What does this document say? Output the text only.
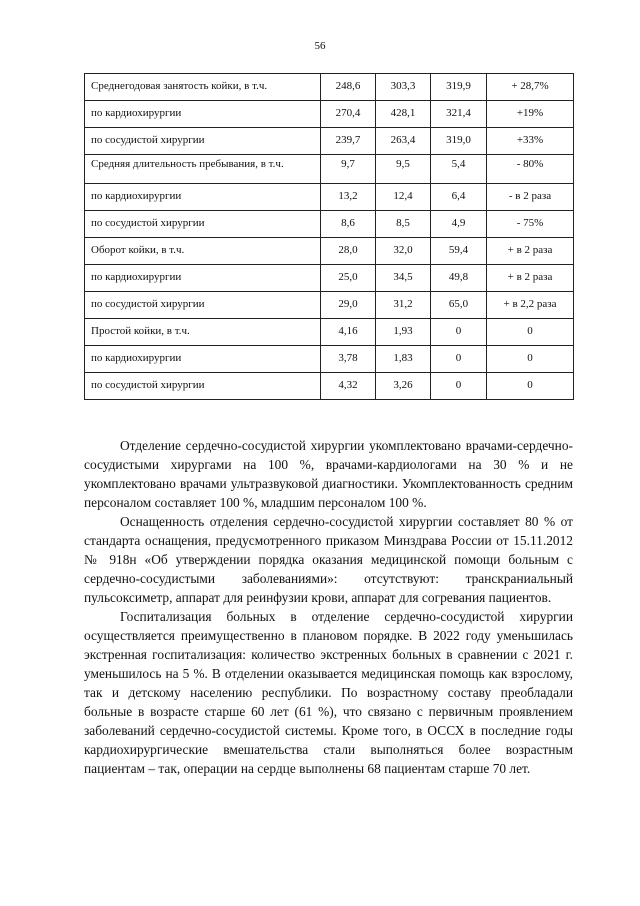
56
Среднегодовая занятость койки, в т.ч.	248,6	303,3	319,9	+ 28,7%
по кардиохирургии	270,4	428,1	321,4	+19%
по сосудистой хирургии	239,7	263,4	319,0	+33%
Средняя длительность пребывания, в т.ч.	9,7	9,5	5,4	- 80%
по кардиохирургии	13,2	12,4	6,4	- в 2 раза
по сосудистой хирургии	8,6	8,5	4,9	- 75%
Оборот койки, в т.ч.	28,0	32,0	59,4	+ в 2 раза
по кардиохирургии	25,0	34,5	49,8	+ в 2 раза
по сосудистой хирургии	29,0	31,2	65,0	+ в 2,2 раза
Простой койки, в т.ч.	4,16	1,93	0	0
по кардиохирургии	3,78	1,83	0	0
по сосудистой хирургии	4,32	3,26	0	0

Отделение сердечно-сосудистой хирургии укомплектовано врачами-сердечно-сосудистыми хирургами на 100 %, врачами-кардиологами на 30 % и не укомплектовано врачами ультразвуковой диагностики. Укомплектованность средним персоналом составляет 100 %, младшим персоналом 100 %.

Оснащенность отделения сердечно-сосудистой хирургии составляет 80 % от стандарта оснащения, предусмотренного приказом Минздрава России от 15.11.2012 № 918н «Об утверждении порядка оказания медицинской помощи больным с сердечно-сосудистыми заболеваниями»: отсутствуют: транскраниальный пульсоксиметр, аппарат для реинфузии крови, аппарат для согревания пациентов.

Госпитализация больных в отделение сердечно-сосудистой хирургии осуществляется преимущественно в плановом порядке. В 2022 году уменьшилась экстренная госпитализация: количество экстренных больных в сравнении с 2021 г. уменьшилось на 5 %. В отделении оказывается медицинская помощь как взрослому, так и детскому населению республики. По возрастному составу преобладали больные в возрасте старше 60 лет (61 %), что связано с первичным проявлением заболеваний сердечно-сосудистой системы. Кроме того, в ОССХ в последние годы кардиохирургические вмешательства стали выполняться более возрастным пациентам – так, операции на сердце выполнены 68 пациентам старше 70 лет.
